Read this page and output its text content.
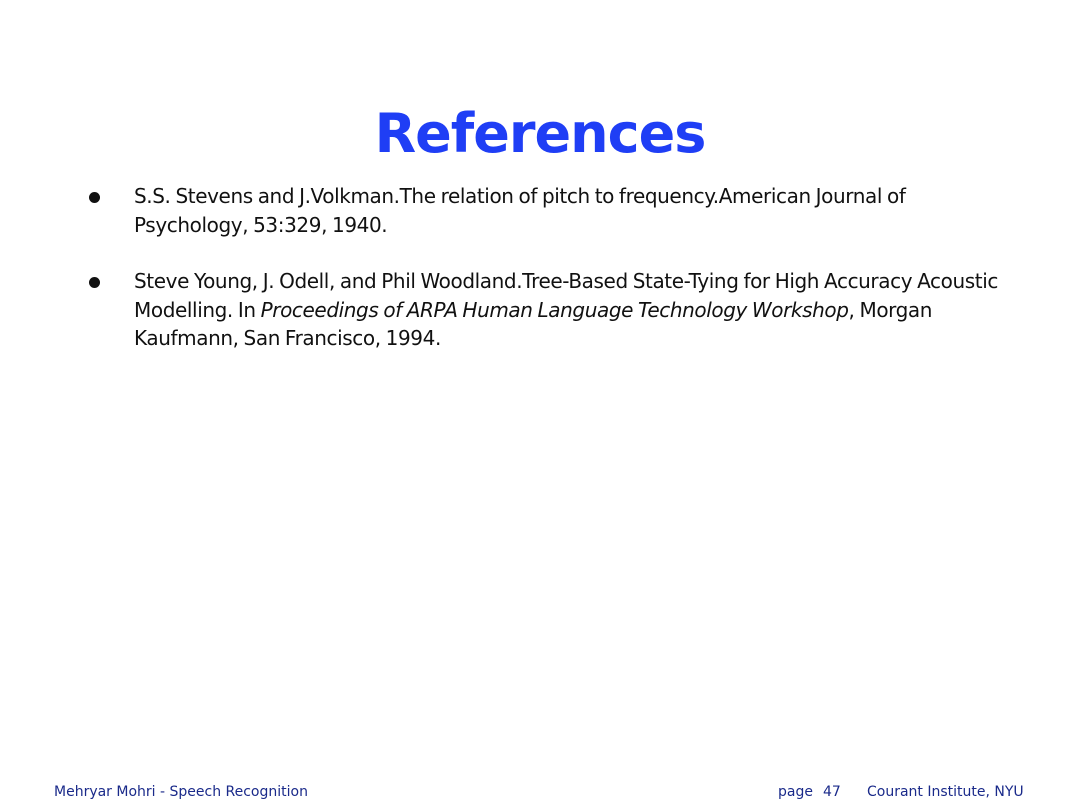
References
S.S. Stevens and J.Volkman.The relation of pitch to frequency.American Journal of Psychology, 53:329, 1940.
Steve Young, J. Odell, and Phil Woodland.Tree-Based State-Tying for High Accuracy Acoustic Modelling. In Proceedings of ARPA Human Language Technology Workshop, Morgan Kaufmann, San Francisco, 1994.
Mehryar Mohri - Speech Recognition	page 47 Courant Institute, NYU
